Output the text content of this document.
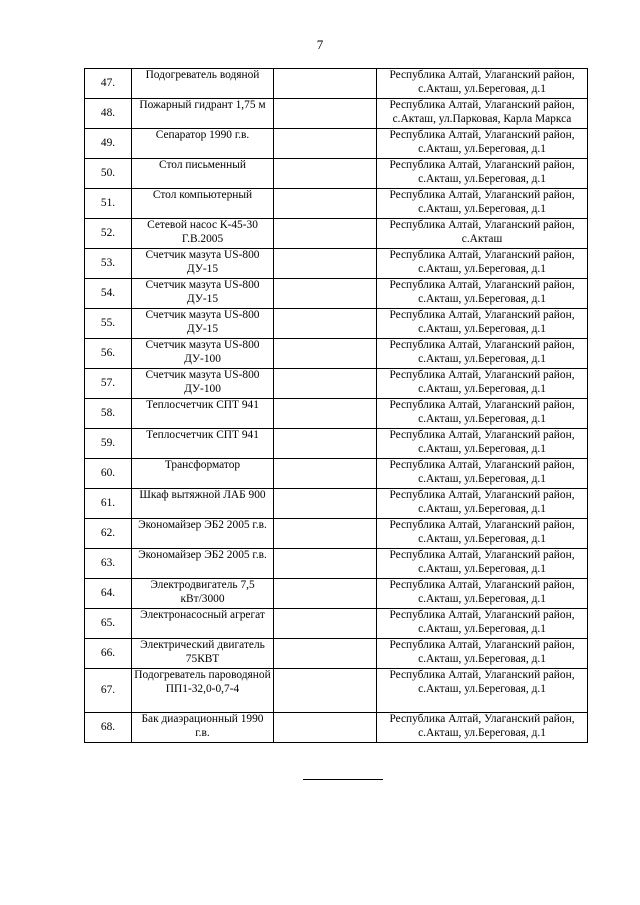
7
47.	Подогреватель водяной		Республика Алтай, Улаганский район, с.Акташ, ул.Береговая, д.1
48.	Пожарный гидрант 1,75 м		Республика Алтай, Улаганский район, с.Акташ, ул.Парковая, Карла Маркса
49.	Сепаратор 1990 г.в.		Республика Алтай, Улаганский район, с.Акташ, ул.Береговая, д.1
50.	Стол письменный		Республика Алтай, Улаганский район, с.Акташ, ул.Береговая, д.1
51.	Стол компьютерный		Республика Алтай, Улаганский район, с.Акташ, ул.Береговая, д.1
52.	Сетевой насос К-45-30 Г.В.2005		Республика Алтай, Улаганский район, с.Акташ
53.	Счетчик мазута US-800 ДУ-15		Республика Алтай, Улаганский район, с.Акташ, ул.Береговая, д.1
54.	Счетчик мазута US-800 ДУ-15		Республика Алтай, Улаганский район, с.Акташ, ул.Береговая, д.1
55.	Счетчик мазута US-800 ДУ-15		Республика Алтай, Улаганский район, с.Акташ, ул.Береговая, д.1
56.	Счетчик мазута US-800 ДУ-100		Республика Алтай, Улаганский район, с.Акташ, ул.Береговая, д.1
57.	Счетчик мазута US-800 ДУ-100		Республика Алтай, Улаганский район, с.Акташ, ул.Береговая, д.1
58.	Теплосчетчик СПТ 941		Республика Алтай, Улаганский район, с.Акташ, ул.Береговая, д.1
59.	Теплосчетчик СПТ 941		Республика Алтай, Улаганский район, с.Акташ, ул.Береговая, д.1
60.	Трансформатор		Республика Алтай, Улаганский район, с.Акташ, ул.Береговая, д.1
61.	Шкаф вытяжной ЛАБ 900		Республика Алтай, Улаганский район, с.Акташ, ул.Береговая, д.1
62.	Экономайзер ЭБ2 2005 г.в.		Республика Алтай, Улаганский район, с.Акташ, ул.Береговая, д.1
63.	Экономайзер ЭБ2 2005 г.в.		Республика Алтай, Улаганский район, с.Акташ, ул.Береговая, д.1
64.	Электродвигатель 7,5 кВт/3000		Республика Алтай, Улаганский район, с.Акташ, ул.Береговая, д.1
65.	Электронасосный агрегат		Республика Алтай, Улаганский район, с.Акташ, ул.Береговая, д.1
66.	Электрический двигатель 75КВТ		Республика Алтай, Улаганский район, с.Акташ, ул.Береговая, д.1
67.	Подогреватель пароводяной ПП1-32,0-0,7-4		Республика Алтай, Улаганский район, с.Акташ, ул.Береговая, д.1
68.	Бак диаэрационный 1990 г.в.		Республика Алтай, Улаганский район, с.Акташ, ул.Береговая, д.1
